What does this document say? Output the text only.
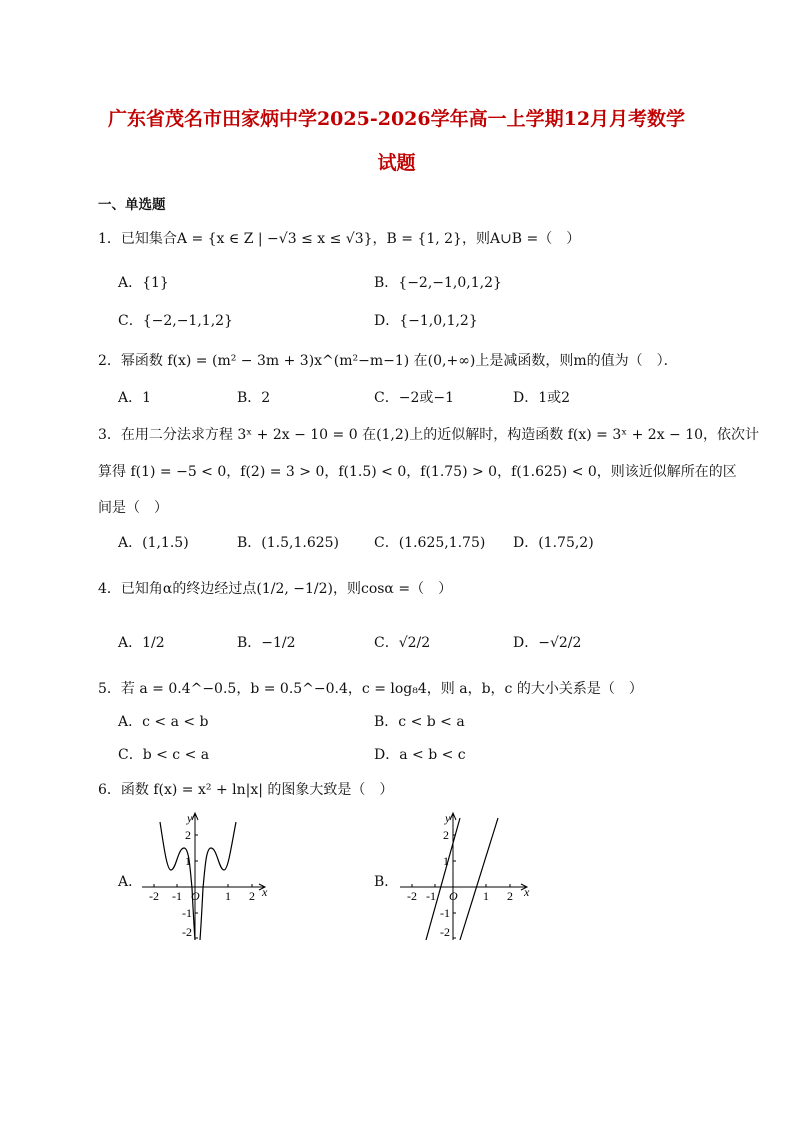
广东省茂名市田家炳中学2025-2026学年高一上学期12月月考数学
试题
一、单选题
1．已知集合A = {x ∈ Z | −√3 ≤ x ≤ √3}，B = {1, 2}，则A∪B =（　）
A．{1}	B．{−2,−1,0,1,2}
C．{−2,−1,1,2}	D．{−1,0,1,2}
2．幂函数 f(x) = (m² − 3m + 3)x^(m²−m−1) 在(0,+∞)上是减函数，则m的值为（　）．
A．1	B．2	C．−2或−1	D．1或2
3．在用二分法求方程 3ˣ + 2x − 10 = 0 在(1,2)上的近似解时，构造函数 f(x) = 3ˣ + 2x − 10，依次计
算得 f(1) = −5 < 0，f(2) = 3 > 0，f(1.5) < 0，f(1.75) > 0，f(1.625) < 0，则该近似解所在的区
间是（　）
A．(1,1.5)	B．(1.5,1.625) C．(1.625,1.75) D．(1.75,2)
4．已知角α的终边经过点(1/2, −1/2)，则cosα =（　）
A．1/2	B．−1/2	C．√2/2	D．−√2/2
5．若 a = 0.4^−0.5，b = 0.5^−0.4，c = log₈4，则 a，b，c 的大小关系是（　）
A．c < a < b	B．c < b < a
C．b < c < a	D．a < b < c
6．函数 f(x) = x² + ln|x| 的图象大致是（　）
A．	B．
-2 -1 O 1 2 x
y
2
1
-1
-2
-2 -1 O 1 2 x
y
2
1
-1
-2
